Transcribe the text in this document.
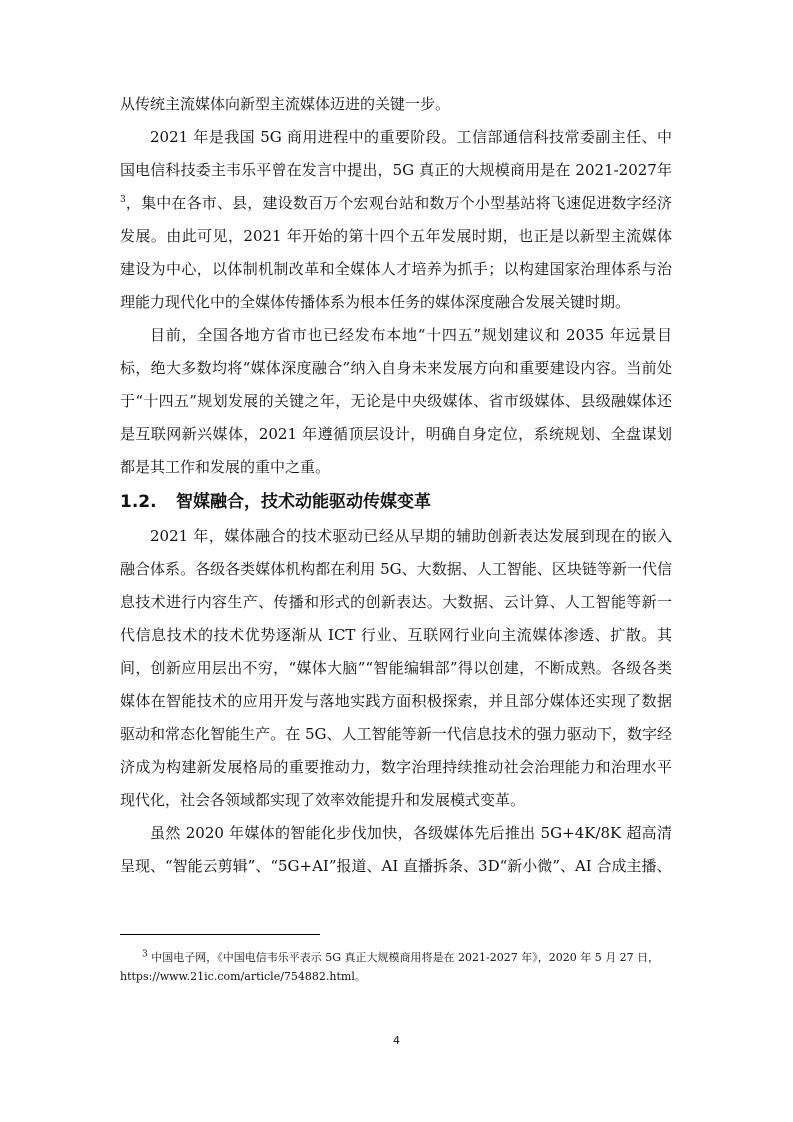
从传统主流媒体向新型主流媒体迈进的关键一步。

2021 年是我国 5G 商用进程中的重要阶段。工信部通信科技常委副主任、中国电信科技委主韦乐平曾在发言中提出，5G 真正的大规模商用是在 2021-2027年$^3$，集中在各市、县，建设数百万个宏观台站和数万个小型基站将飞速促进数字经济发展。由此可见，2021 年开始的第十四个五年发展时期，也正是以新型主流媒体建设为中心，以体制机制改革和全媒体人才培养为抓手；以构建国家治理体系与治理能力现代化中的全媒体传播体系为根本任务的媒体深度融合发展关键时期。

目前，全国各地方省市也已经发布本地“十四五”规划建议和 2035 年远景目标，绝大多数均将“媒体深度融合”纳入自身未来发展方向和重要建设内容。当前处于“十四五”规划发展的关键之年，无论是中央级媒体、省市级媒体、县级融媒体还是互联网新兴媒体，2021 年遵循顶层设计，明确自身定位，系统规划、全盘谋划都是其工作和发展的重中之重。

1.2. 智媒融合，技术动能驱动传媒变革

2021 年，媒体融合的技术驱动已经从早期的辅助创新表达发展到现在的嵌入融合体系。各级各类媒体机构都在利用 5G、大数据、人工智能、区块链等新一代信息技术进行内容生产、传播和形式的创新表达。大数据、云计算、人工智能等新一代信息技术的技术优势逐渐从 ICT 行业、互联网行业向主流媒体渗透、扩散。其间，创新应用层出不穷，“媒体大脑”“智能编辑部”得以创建，不断成熟。各级各类媒体在智能技术的应用开发与落地实践方面积极探索，并且部分媒体还实现了数据驱动和常态化智能生产。在 5G、人工智能等新一代信息技术的强力驱动下，数字经济成为构建新发展格局的重要推动力，数字治理持续推动社会治理能力和治理水平现代化，社会各领域都实现了效率效能提升和发展模式变革。

虽然 2020 年媒体的智能化步伐加快，各级媒体先后推出 5G+4K/8K 超高清呈现、“智能云剪辑”、“5G+AI”报道、AI 直播拆条、3D“新小微”、AI 合成主播、

$^3$ 中国电子网，《中国电信韦乐平表示 5G 真正大规模商用将是在 2021-2027 年》，2020 年 5 月 27 日，
https://www.21ic.com/article/754882.html。
4
